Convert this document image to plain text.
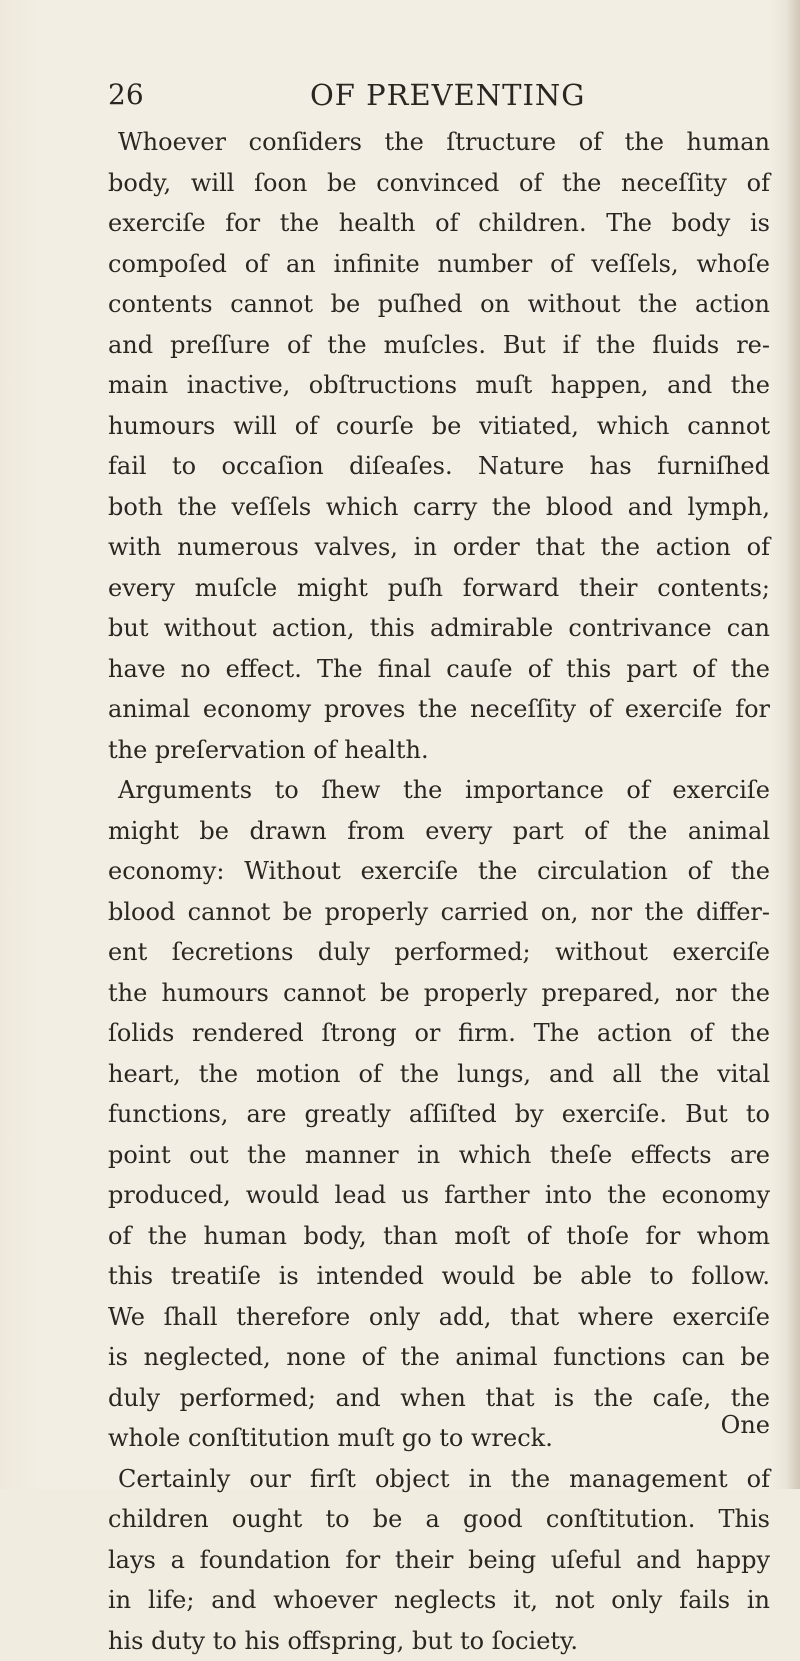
26	OF PREVENTING
Whoever conſiders the ſtructure of the human
body, will ſoon be convinced of the neceſſity of
exerciſe for the health of children. The body is
compoſed of an infinite number of veſſels, whoſe
contents cannot be puſhed on without the action
and preſſure of the muſcles. But if the fluids re-
main inactive, obſtructions muſt happen, and the
humours will of courſe be vitiated, which cannot
fail to occaſion diſeaſes. Nature has furniſhed
both the veſſels which carry the blood and lymph,
with numerous valves, in order that the action of
every muſcle might puſh forward their contents;
but without action, this admirable contrivance can
have no effect. The final cauſe of this part of the
animal economy proves the neceſſity of exerciſe for
the preſervation of health.
Arguments to ſhew the importance of exerciſe
might be drawn from every part of the animal
economy: Without exerciſe the circulation of the
blood cannot be properly carried on, nor the differ-
ent ſecretions duly performed; without exerciſe
the humours cannot be properly prepared, nor the
ſolids rendered ſtrong or firm. The action of the
heart, the motion of the lungs, and all the vital
functions, are greatly aſſiſted by exerciſe. But to
point out the manner in which theſe effects are
produced, would lead us farther into the economy
of the human body, than moſt of thoſe for whom
this treatiſe is intended would be able to follow.
We ſhall therefore only add, that where exerciſe
is neglected, none of the animal functions can be
duly performed; and when that is the caſe, the
whole conſtitution muſt go to wreck.
Certainly our firſt object in the management of
children ought to be a good conſtitution. This
lays a foundation for their being uſeful and happy
in life; and whoever neglects it, not only fails in
his duty to his offspring, but to ſociety.
One
